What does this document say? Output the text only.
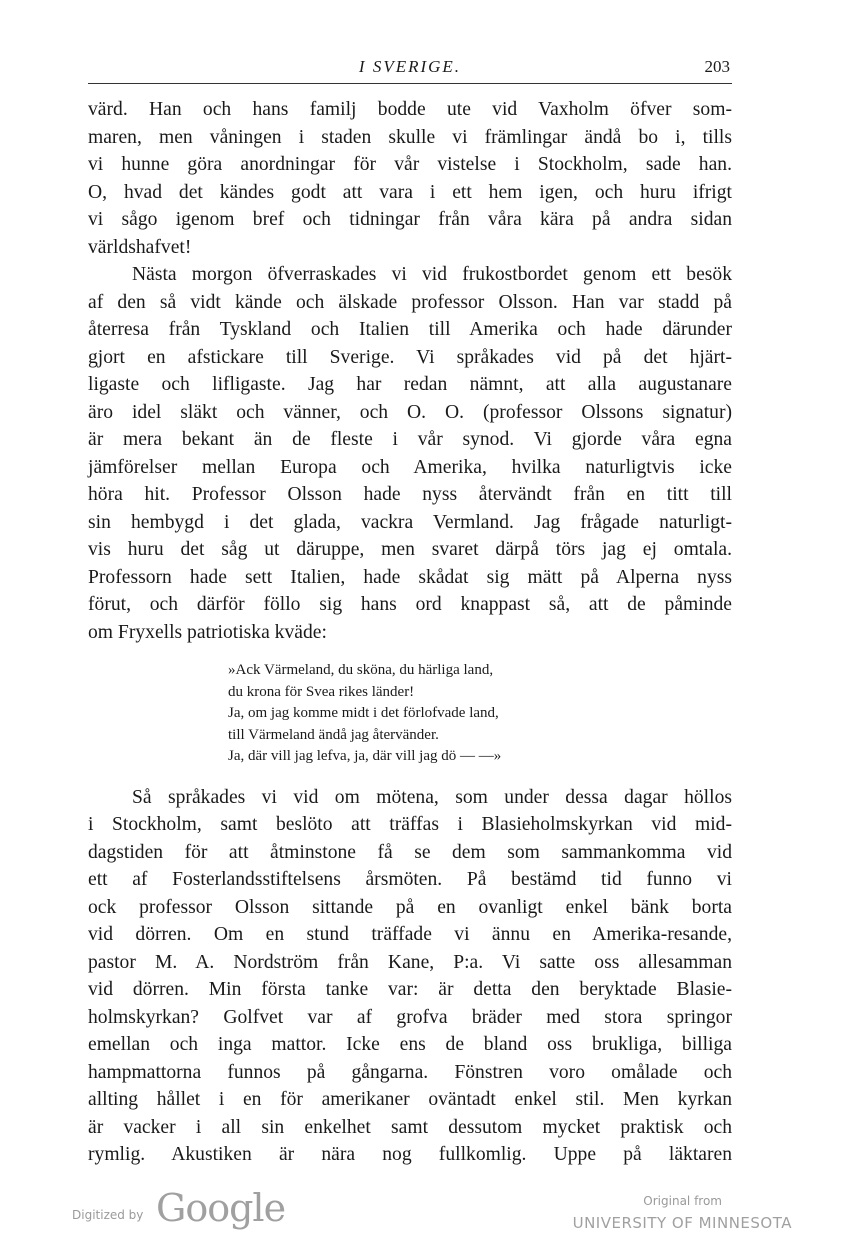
I SVERIGE.	203

värd. Han och hans familj bodde ute vid Vaxholm öfver som-
maren, men våningen i staden skulle vi främlingar ändå bo i, tills
vi hunne göra anordningar för vår vistelse i Stockholm, sade han.
O, hvad det kändes godt att vara i ett hem igen, och huru ifrigt
vi sågo igenom bref och tidningar från våra kära på andra sidan
världshafvet!

Nästa morgon öfverraskades vi vid frukostbordet genom ett besök
af den så vidt kände och älskade professor Olsson. Han var stadd på
återresa från Tyskland och Italien till Amerika och hade därunder
gjort en afstickare till Sverige. Vi språkades vid på det hjärt-
ligaste och lifligaste. Jag har redan nämnt, att alla augustanare
äro idel släkt och vänner, och O. O. (professor Olssons signatur)
är mera bekant än de fleste i vår synod. Vi gjorde våra egna
jämförelser mellan Europa och Amerika, hvilka naturligtvis icke
höra hit. Professor Olsson hade nyss återvändt från en titt till
sin hembygd i det glada, vackra Vermland. Jag frågade naturligt-
vis huru det såg ut däruppe, men svaret därpå törs jag ej omtala.
Professorn hade sett Italien, hade skådat sig mätt på Alperna nyss
förut, och därför föllo sig hans ord knappast så, att de påminde
om Fryxells patriotiska kväde:

»Ack Värmeland, du sköna, du härliga land,
du krona för Svea rikes länder!
Ja, om jag komme midt i det förlofvade land,
till Värmeland ändå jag återvänder.
Ja, där vill jag lefva, ja, där vill jag dö — —»

Så språkades vi vid om mötena, som under dessa dagar höllos
i Stockholm, samt beslöto att träffas i Blasieholmskyrkan vid mid-
dagstiden för att åtminstone få se dem som sammankomma vid
ett af Fosterlandsstiftelsens årsmöten. På bestämd tid funno vi
ock professor Olsson sittande på en ovanligt enkel bänk borta
vid dörren. Om en stund träffade vi ännu en Amerika-resande,
pastor M. A. Nordström från Kane, P:a. Vi satte oss allesamman
vid dörren. Min första tanke var: är detta den beryktade Blasie-
holmskyrkan? Golfvet var af grofva bräder med stora springor
emellan och inga mattor. Icke ens de bland oss brukliga, billiga
hampmattorna funnos på gångarna. Fönstren voro omålade och
allting hållet i en för amerikaner oväntadt enkel stil. Men kyrkan
är vacker i all sin enkelhet samt dessutom mycket praktisk och
rymlig. Akustiken är nära nog fullkomlig. Uppe på läktaren

Digitized by Google	Original from
UNIVERSITY OF MINNESOTA
